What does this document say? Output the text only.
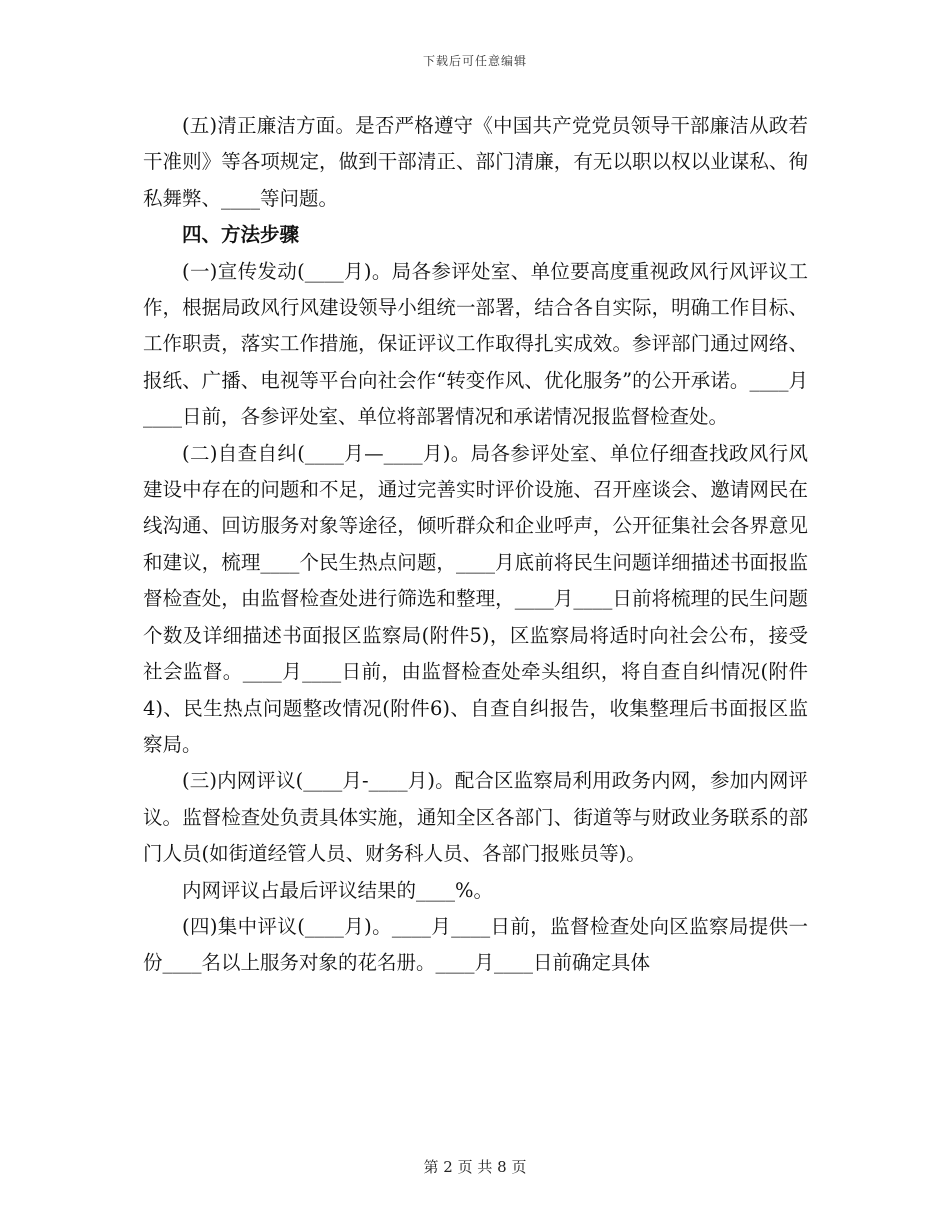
下载后可任意编辑

(五)清正廉洁方面。是否严格遵守《中国共产党党员领导干部廉洁从政若干准则》等各项规定，做到干部清正、部门清廉，有无以职以权以业谋私、徇私舞弊、____等问题。

四、方法步骤

(一)宣传发动(____月)。局各参评处室、单位要高度重视政风行风评议工作，根据局政风行风建设领导小组统一部署，结合各自实际，明确工作目标、工作职责，落实工作措施，保证评议工作取得扎实成效。参评部门通过网络、报纸、广播、电视等平台向社会作“转变作风、优化服务”的公开承诺。____月____日前，各参评处室、单位将部署情况和承诺情况报监督检查处。

(二)自查自纠(____月—____月)。局各参评处室、单位仔细查找政风行风建设中存在的问题和不足，通过完善实时评价设施、召开座谈会、邀请网民在线沟通、回访服务对象等途径，倾听群众和企业呼声，公开征集社会各界意见和建议，梳理____个民生热点问题，____月底前将民生问题详细描述书面报监督检查处，由监督检查处进行筛选和整理，____月____日前将梳理的民生问题个数及详细描述书面报区监察局(附件5)，区监察局将适时向社会公布，接受社会监督。____月____日前，由监督检查处牵头组织，将自查自纠情况(附件4)、民生热点问题整改情况(附件6)、自查自纠报告，收集整理后书面报区监察局。

(三)内网评议(____月-____月)。配合区监察局利用政务内网，参加内网评议。监督检查处负责具体实施，通知全区各部门、街道等与财政业务联系的部门人员(如街道经管人员、财务科人员、各部门报账员等)。

内网评议占最后评议结果的____%。

(四)集中评议(____月)。____月____日前，监督检查处向区监察局提供一份____名以上服务对象的花名册。____月____日前确定具体

第 2 页 共 8 页
